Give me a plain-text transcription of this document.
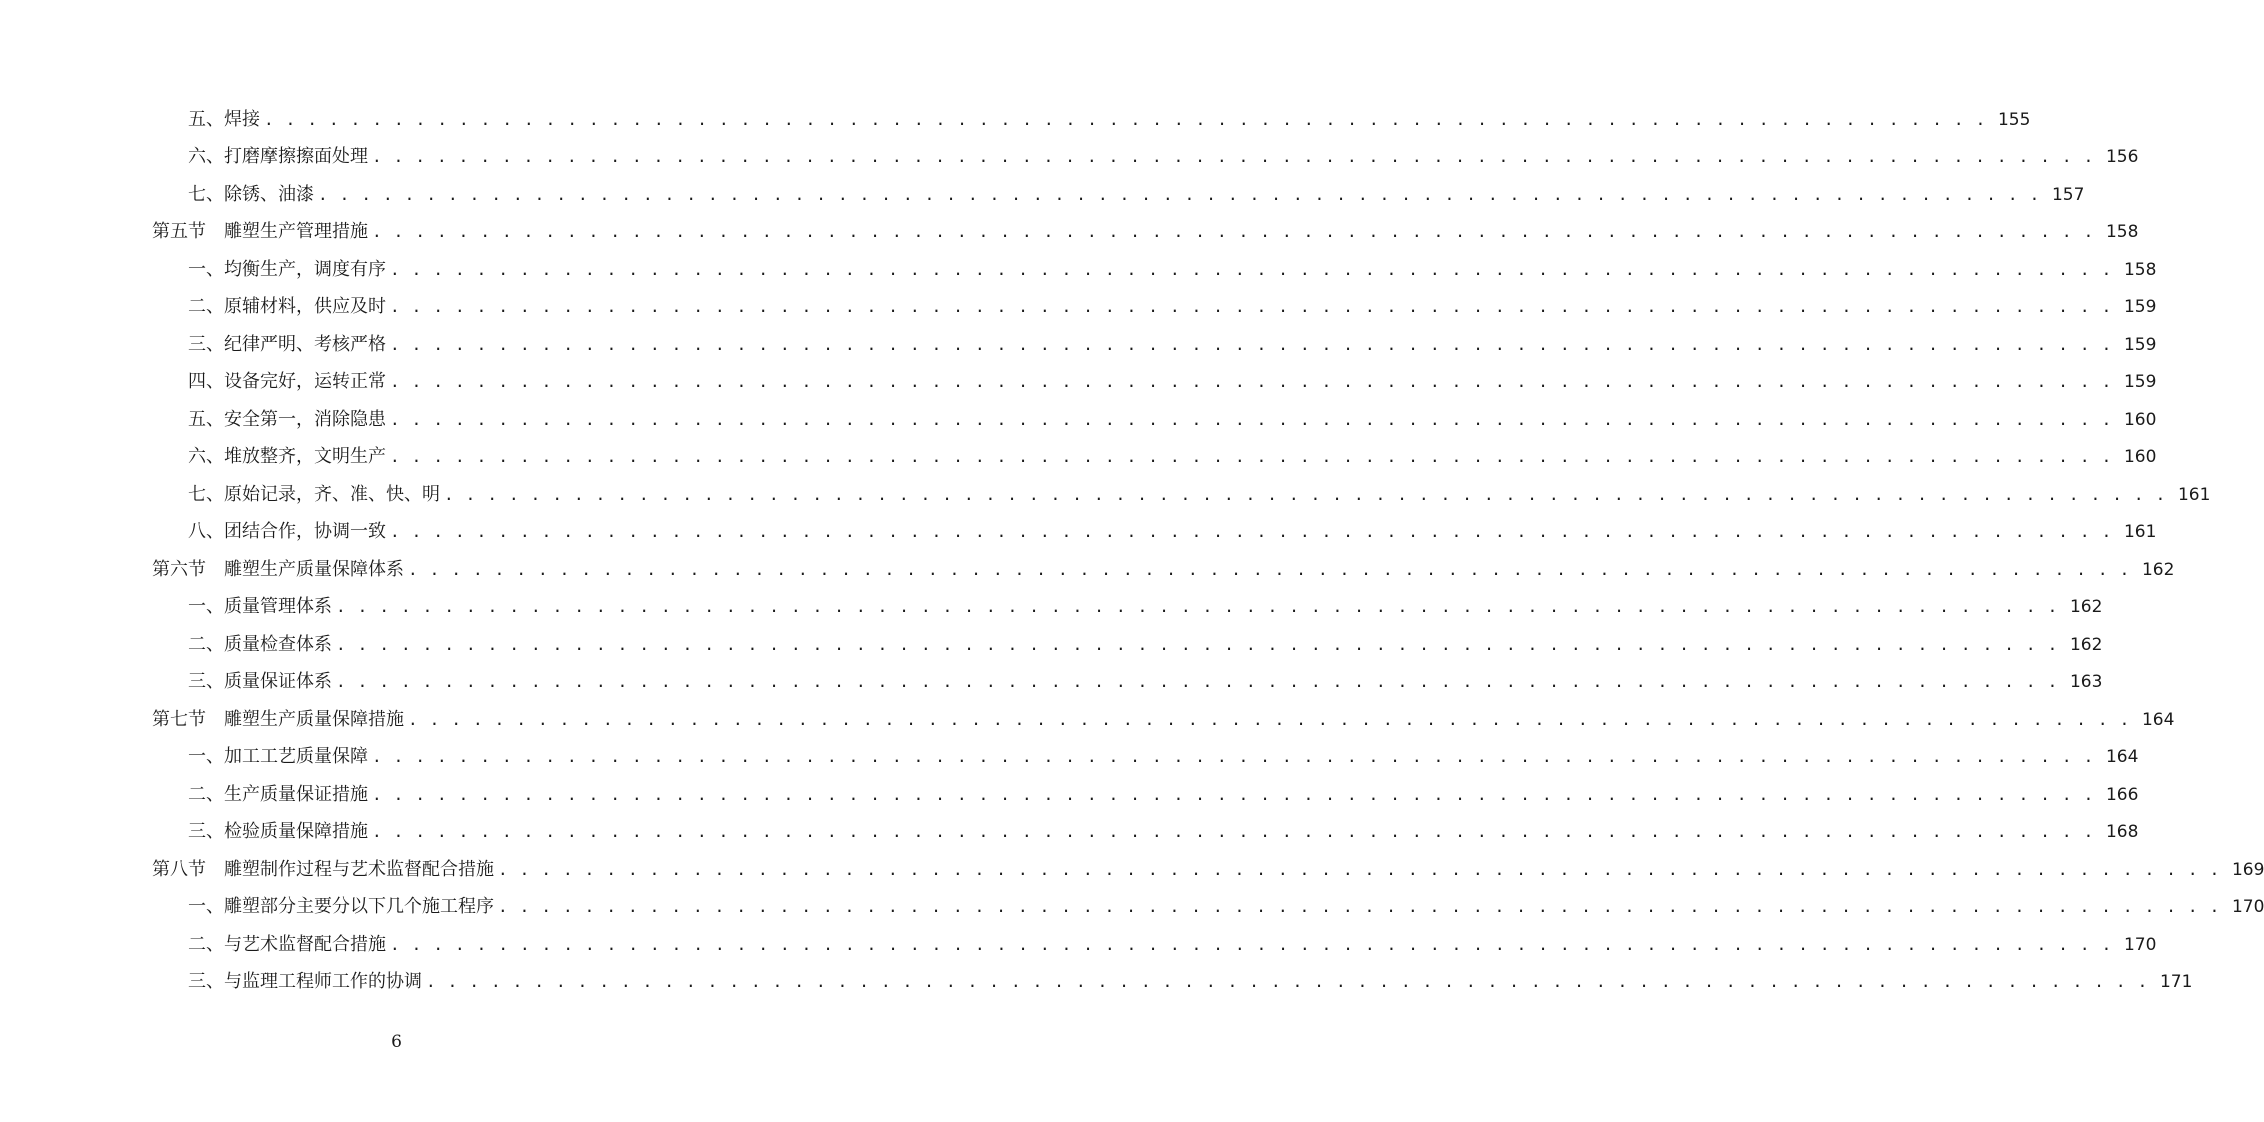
五、焊接 . . . . . . . . . . . . . . . . . . . . . . . . . . . . . . . . . . . . . . . . . . . . . . . . . . . . . . . . . . . . . . . . . . . . . . . . . . . . . . . . 155
六、打磨摩擦擦面处理 . . . . . . . . . . . . . . . . . . . . . . . . . . . . . . . . . . . . . . . . . . . . . . . . . . . . . . . . . . . . . . . . . . . . . . . . . . . . . . . . 156
七、除锈、油漆 . . . . . . . . . . . . . . . . . . . . . . . . . . . . . . . . . . . . . . . . . . . . . . . . . . . . . . . . . . . . . . . . . . . . . . . . . . . . . . . . 157
第五节　雕塑生产管理措施 . . . . . . . . . . . . . . . . . . . . . . . . . . . . . . . . . . . . . . . . . . . . . . . . . . . . . . . . . . . . . . . . . . . . . . . . . . . . . . . . 158
一、均衡生产，调度有序 . . . . . . . . . . . . . . . . . . . . . . . . . . . . . . . . . . . . . . . . . . . . . . . . . . . . . . . . . . . . . . . . . . . . . . . . . . . . . . . . 158
二、原辅材料，供应及时 . . . . . . . . . . . . . . . . . . . . . . . . . . . . . . . . . . . . . . . . . . . . . . . . . . . . . . . . . . . . . . . . . . . . . . . . . . . . . . . . 159
三、纪律严明、考核严格 . . . . . . . . . . . . . . . . . . . . . . . . . . . . . . . . . . . . . . . . . . . . . . . . . . . . . . . . . . . . . . . . . . . . . . . . . . . . . . . . 159
四、设备完好，运转正常 . . . . . . . . . . . . . . . . . . . . . . . . . . . . . . . . . . . . . . . . . . . . . . . . . . . . . . . . . . . . . . . . . . . . . . . . . . . . . . . . 159
五、安全第一，消除隐患 . . . . . . . . . . . . . . . . . . . . . . . . . . . . . . . . . . . . . . . . . . . . . . . . . . . . . . . . . . . . . . . . . . . . . . . . . . . . . . . . 160
六、堆放整齐，文明生产 . . . . . . . . . . . . . . . . . . . . . . . . . . . . . . . . . . . . . . . . . . . . . . . . . . . . . . . . . . . . . . . . . . . . . . . . . . . . . . . . 160
七、原始记录，齐、准、快、明 . . . . . . . . . . . . . . . . . . . . . . . . . . . . . . . . . . . . . . . . . . . . . . . . . . . . . . . . . . . . . . . . . . . . . . . . . . . . . . . . 161
八、团结合作，协调一致 . . . . . . . . . . . . . . . . . . . . . . . . . . . . . . . . . . . . . . . . . . . . . . . . . . . . . . . . . . . . . . . . . . . . . . . . . . . . . . . . 161
第六节　雕塑生产质量保障体系 . . . . . . . . . . . . . . . . . . . . . . . . . . . . . . . . . . . . . . . . . . . . . . . . . . . . . . . . . . . . . . . . . . . . . . . . . . . . . . . . 162
一、质量管理体系 . . . . . . . . . . . . . . . . . . . . . . . . . . . . . . . . . . . . . . . . . . . . . . . . . . . . . . . . . . . . . . . . . . . . . . . . . . . . . . . . 162
二、质量检查体系 . . . . . . . . . . . . . . . . . . . . . . . . . . . . . . . . . . . . . . . . . . . . . . . . . . . . . . . . . . . . . . . . . . . . . . . . . . . . . . . . 162
三、质量保证体系 . . . . . . . . . . . . . . . . . . . . . . . . . . . . . . . . . . . . . . . . . . . . . . . . . . . . . . . . . . . . . . . . . . . . . . . . . . . . . . . . 163
第七节　雕塑生产质量保障措施 . . . . . . . . . . . . . . . . . . . . . . . . . . . . . . . . . . . . . . . . . . . . . . . . . . . . . . . . . . . . . . . . . . . . . . . . . . . . . . . . 164
一、加工工艺质量保障 . . . . . . . . . . . . . . . . . . . . . . . . . . . . . . . . . . . . . . . . . . . . . . . . . . . . . . . . . . . . . . . . . . . . . . . . . . . . . . . . 164
二、生产质量保证措施 . . . . . . . . . . . . . . . . . . . . . . . . . . . . . . . . . . . . . . . . . . . . . . . . . . . . . . . . . . . . . . . . . . . . . . . . . . . . . . . . 166
三、检验质量保障措施 . . . . . . . . . . . . . . . . . . . . . . . . . . . . . . . . . . . . . . . . . . . . . . . . . . . . . . . . . . . . . . . . . . . . . . . . . . . . . . . . 168
第八节　雕塑制作过程与艺术监督配合措施 . . . . . . . . . . . . . . . . . . . . . . . . . . . . . . . . . . . . . . . . . . . . . . . . . . . . . . . . . . . . . . . . . . . . . . . . . . . . . . . . 169
一、雕塑部分主要分以下几个施工程序 . . . . . . . . . . . . . . . . . . . . . . . . . . . . . . . . . . . . . . . . . . . . . . . . . . . . . . . . . . . . . . . . . . . . . . . . . . . . . . . . 170
二、与艺术监督配合措施 . . . . . . . . . . . . . . . . . . . . . . . . . . . . . . . . . . . . . . . . . . . . . . . . . . . . . . . . . . . . . . . . . . . . . . . . . . . . . . . . 170
三、与监理工程师工作的协调 . . . . . . . . . . . . . . . . . . . . . . . . . . . . . . . . . . . . . . . . . . . . . . . . . . . . . . . . . . . . . . . . . . . . . . . . . . . . . . . . 171
6
